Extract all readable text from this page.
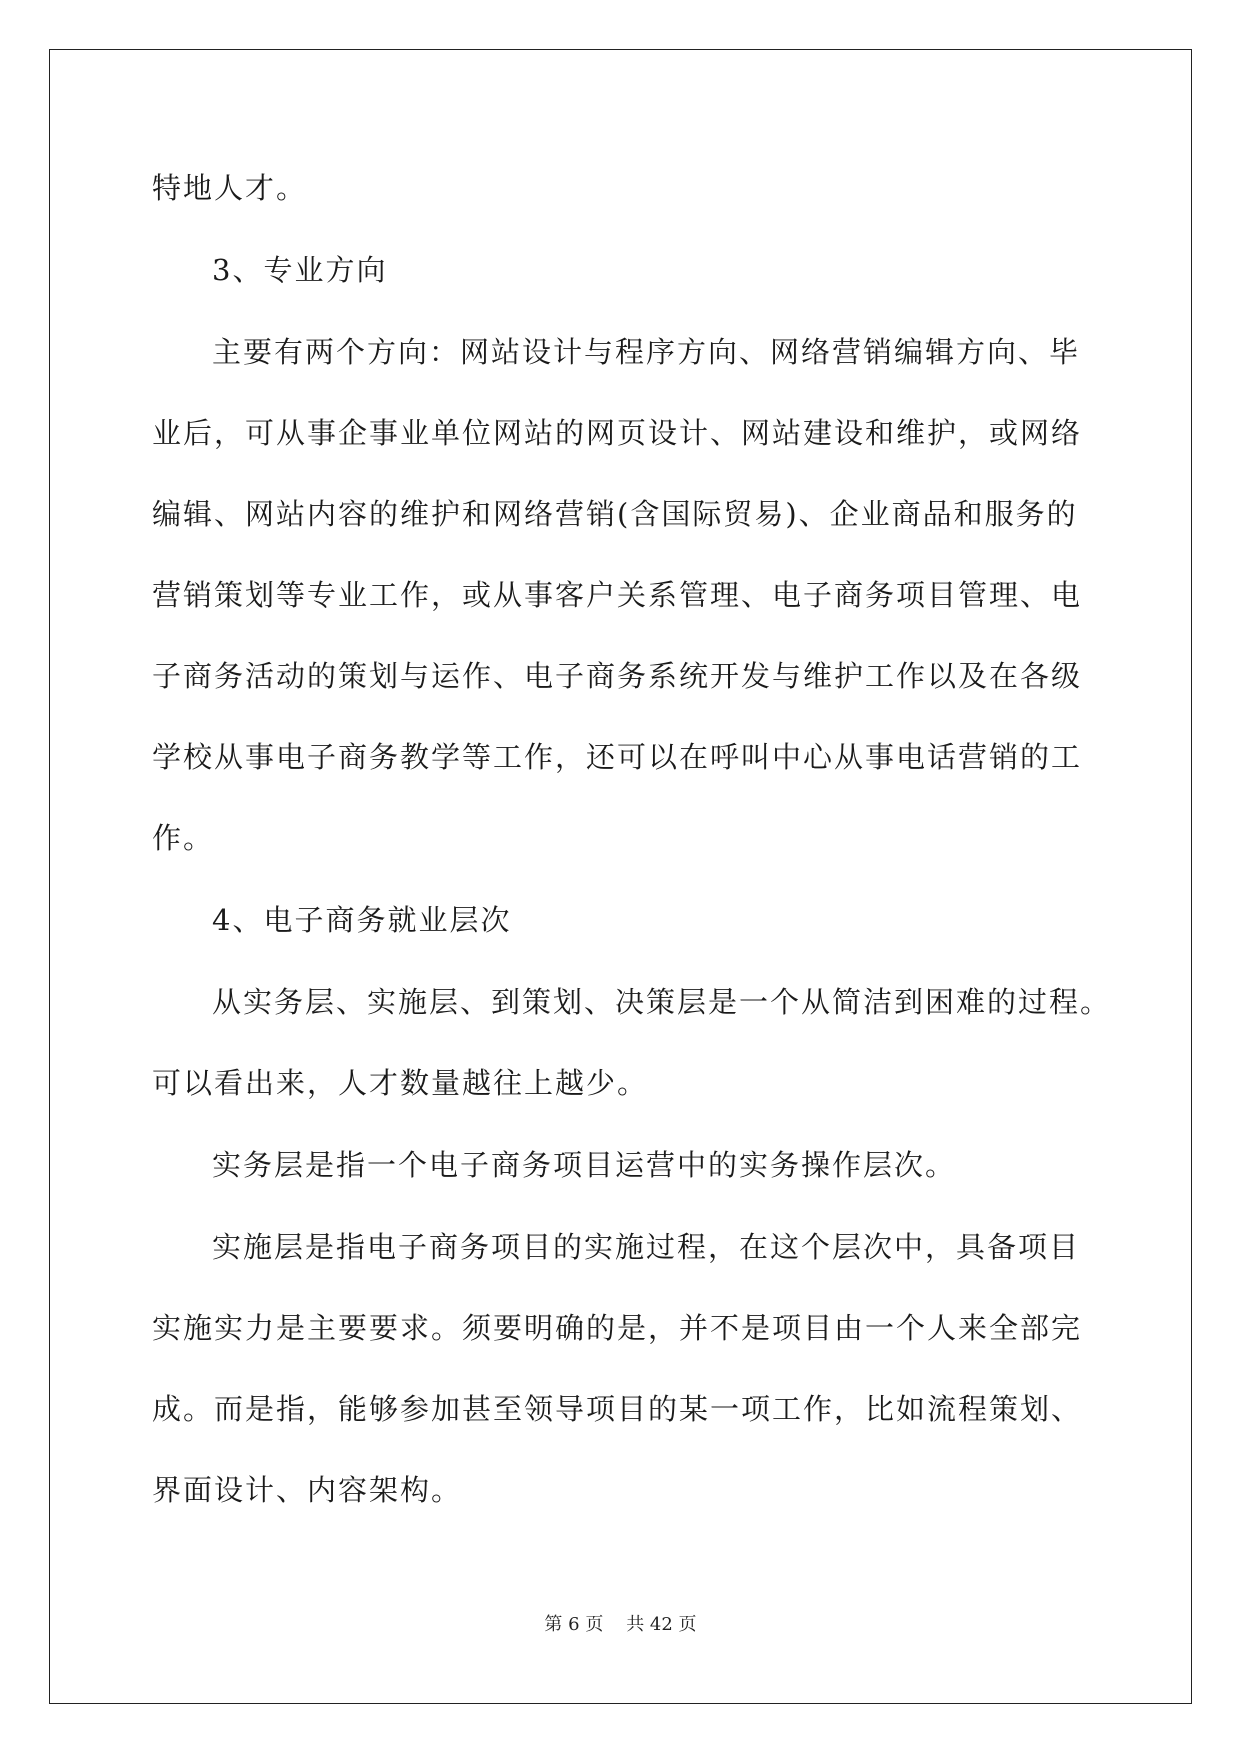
特地人才。
3、专业方向
主要有两个方向：网站设计与程序方向、网络营销编辑方向、毕
业后，可从事企事业单位网站的网页设计、网站建设和维护，或网络
编辑、网站内容的维护和网络营销(含国际贸易)、企业商品和服务的
营销策划等专业工作，或从事客户关系管理、电子商务项目管理、电
子商务活动的策划与运作、电子商务系统开发与维护工作以及在各级
学校从事电子商务教学等工作，还可以在呼叫中心从事电话营销的工
作。
4、电子商务就业层次
从实务层、实施层、到策划、决策层是一个从简洁到困难的过程。
可以看出来，人才数量越往上越少。
实务层是指一个电子商务项目运营中的实务操作层次。
实施层是指电子商务项目的实施过程，在这个层次中，具备项目
实施实力是主要要求。须要明确的是，并不是项目由一个人来全部完
成。而是指，能够参加甚至领导项目的某一项工作，比如流程策划、
界面设计、内容架构。
第 6 页    共 42 页
